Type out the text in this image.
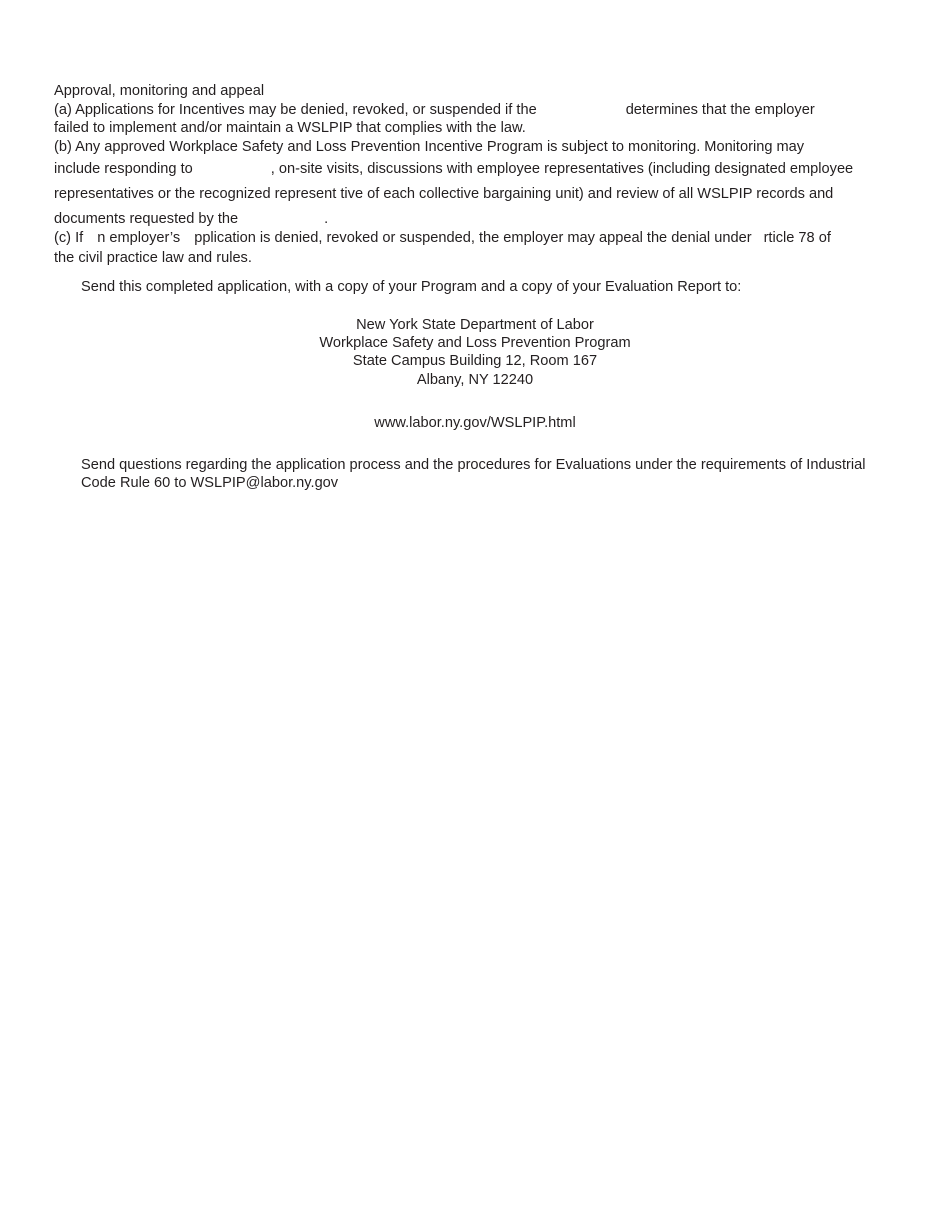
Approval, monitoring and appeal
(a) Applications for Incentives may be denied, revoked, or suspended if the	determines that the employer
failed to implement and/or maintain a WSLPIP that complies with the law.
(b) Any approved Workplace Safety and Loss Prevention Incentive Program is subject to monitoring. Monitoring may
include responding to	, on-site visits, discussions with employee representatives (including designated employee
representatives or the recognized represent tive of each collective bargaining unit) and review of all WSLPIP records and
documents requested by the	.
(c) If n employer’s pplication is denied, revoked or suspended, the employer may appeal the denial under rticle 78 of
the civil practice law and rules.
Send this completed application, with a copy of your Program and a copy of your Evaluation Report to:
New York State Department of Labor
Workplace Safety and Loss Prevention Program
State Campus Building 12, Room 167
Albany, NY 12240
www.labor.ny.gov/WSLPIP.html
Send questions regarding the application process and the procedures for Evaluations under the requirements of Industrial
Code Rule 60 to WSLPIP@labor.ny.gov
